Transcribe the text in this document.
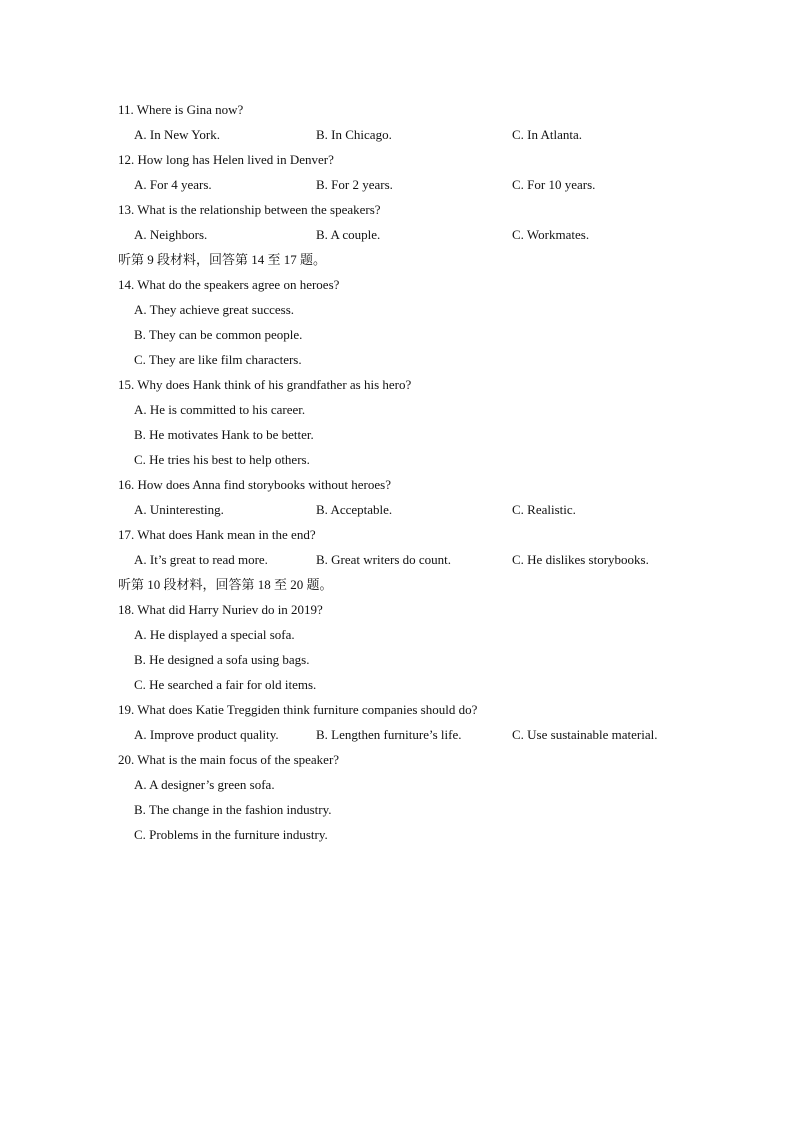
11. Where is Gina now?
A. In New York.	B. In Chicago.	C. In Atlanta.
12. How long has Helen lived in Denver?
A. For 4 years.	B. For 2 years.	C. For 10 years.
13. What is the relationship between the speakers?
A. Neighbors.	B. A couple.	C. Workmates.
听第 9 段材料，回答第 14 至 17 题。
14. What do the speakers agree on heroes?
A. They achieve great success.
B. They can be common people.
C. They are like film characters.
15. Why does Hank think of his grandfather as his hero?
A. He is committed to his career.
B. He motivates Hank to be better.
C. He tries his best to help others.
16. How does Anna find storybooks without heroes?
A. Uninteresting.	B. Acceptable.	C. Realistic.
17. What does Hank mean in the end?
A. It’s great to read more.	B. Great writers do count.	C. He dislikes storybooks.
听第 10 段材料，回答第 18 至 20 题。
18. What did Harry Nuriev do in 2019?
A. He displayed a special sofa.
B. He designed a sofa using bags.
C. He searched a fair for old items.
19. What does Katie Treggiden think furniture companies should do?
A. Improve product quality.	B. Lengthen furniture’s life.	C. Use sustainable material.
20. What is the main focus of the speaker?
A. A designer’s green sofa.
B. The change in the fashion industry.
C. Problems in the furniture industry.
